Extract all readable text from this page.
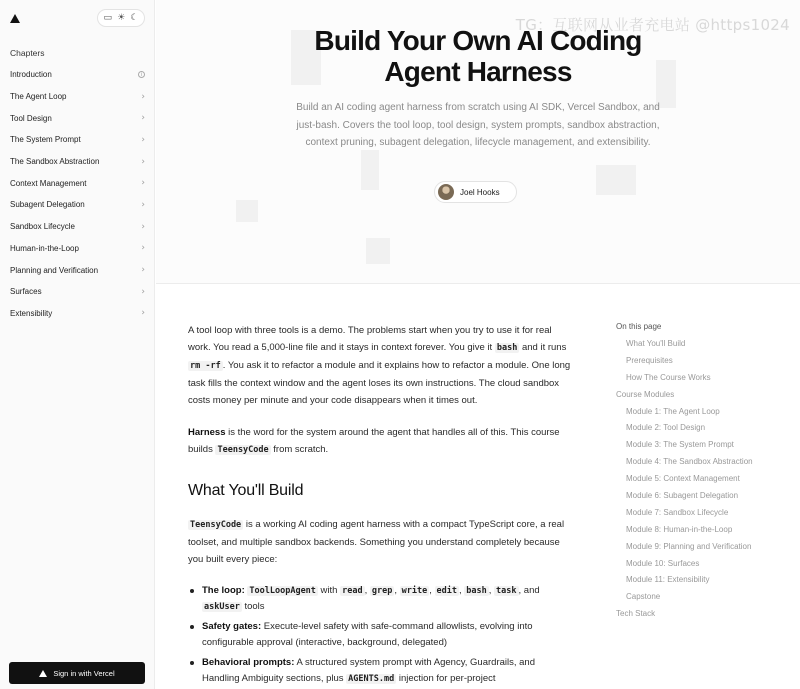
▭ ☀ ☾
Chapters
Introduction	i
The Agent Loop	›
Tool Design	›
The System Prompt	›
The Sandbox Abstraction	›
Context Management	›
Subagent Delegation	›
Sandbox Lifecycle	›
Human-in-the-Loop	›
Planning and Verification	›
Surfaces	›
Extensibility	›
Sign in with Vercel
TG：互联网从业者充电站 @https1024
Build Your Own AI Coding
Agent Harness

Build an AI coding agent harness from scratch using AI SDK, Vercel Sandbox, and just-bash. Covers the tool loop, tool design, system prompts, sandbox abstraction, context pruning, subagent delegation, lifecycle management, and extensibility.

Joel Hooks

A tool loop with three tools is a demo. The problems start when you try to use it for real work. You read a 5,000-line file and it stays in context forever. You give it bash and it runs rm -rf . You ask it to refactor a module and it explains how to refactor a module. One long task fills the context window and the agent loses its own instructions. The cloud sandbox costs money per minute and your code disappears when it times out.

Harness is the word for the system around the agent that handles all of this. This course builds TeensyCode from scratch.

What You'll Build

TeensyCode is a working AI coding agent harness with a compact TypeScript core, a real toolset, and multiple sandbox backends. Something you understand completely because you built every piece:

The loop: ToolLoopAgent with read , grep , write , edit , bash , task , and askUser tools
Safety gates: Execute-level safety with safe-command allowlists, evolving into configurable approval (interactive, background, delegated)
Behavioral prompts: A structured system prompt with Agency, Guardrails, and Handling Ambiguity sections, plus AGENTS.md injection for per-project
On this page
What You'll Build
Prerequisites
How The Course Works
Course Modules
Module 1: The Agent Loop
Module 2: Tool Design
Module 3: The System Prompt
Module 4: The Sandbox Abstraction
Module 5: Context Management
Module 6: Subagent Delegation
Module 7: Sandbox Lifecycle
Module 8: Human-in-the-Loop
Module 9: Planning and Verification
Module 10: Surfaces
Module 11: Extensibility
Capstone
Tech Stack
